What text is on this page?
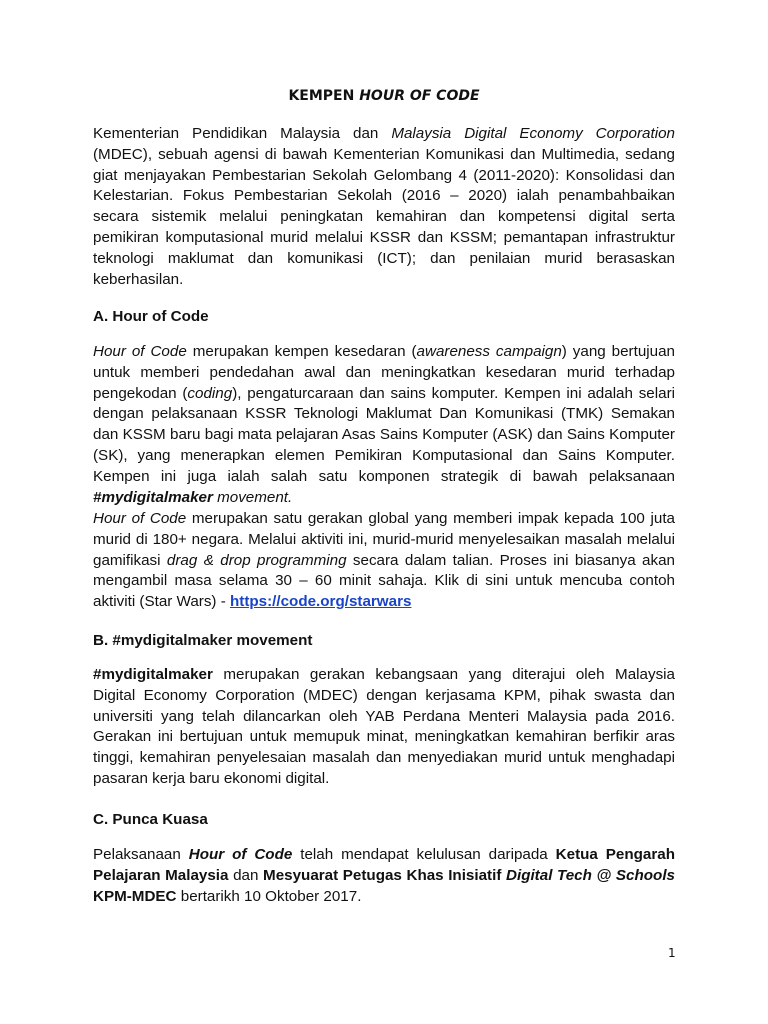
KEMPEN HOUR OF CODE
Kementerian Pendidikan Malaysia dan Malaysia Digital Economy Corporation (MDEC), sebuah agensi di bawah Kementerian Komunikasi dan Multimedia, sedang giat menjayakan Pembestarian Sekolah Gelombang 4 (2011-2020): Konsolidasi dan Kelestarian. Fokus Pembestarian Sekolah (2016 – 2020) ialah penambahbaikan secara sistemik melalui peningkatan kemahiran dan kompetensi digital serta pemikiran komputasional murid melalui KSSR dan KSSM; pemantapan infrastruktur teknologi maklumat dan komunikasi (ICT); dan penilaian murid berasaskan keberhasilan.
A. Hour of Code
Hour of Code merupakan kempen kesedaran (awareness campaign) yang bertujuan untuk memberi pendedahan awal dan meningkatkan kesedaran murid terhadap pengekodan (coding), pengaturcaraan dan sains komputer. Kempen ini adalah selari dengan pelaksanaan KSSR Teknologi Maklumat Dan Komunikasi (TMK) Semakan dan KSSM baru bagi mata pelajaran Asas Sains Komputer (ASK) dan Sains Komputer (SK), yang menerapkan elemen Pemikiran Komputasional dan Sains Komputer. Kempen ini juga ialah salah satu komponen strategik di bawah pelaksanaan #mydigitalmaker movement.
Hour of Code merupakan satu gerakan global yang memberi impak kepada 100 juta murid di 180+ negara. Melalui aktiviti ini, murid-murid menyelesaikan masalah melalui gamifikasi drag & drop programming secara dalam talian. Proses ini biasanya akan mengambil masa selama 30 – 60 minit sahaja. Klik di sini untuk mencuba contoh aktiviti (Star Wars) - https://code.org/starwars
B. #mydigitalmaker movement
#mydigitalmaker merupakan gerakan kebangsaan yang diterajui oleh Malaysia Digital Economy Corporation (MDEC) dengan kerjasama KPM, pihak swasta dan universiti yang telah dilancarkan oleh YAB Perdana Menteri Malaysia pada 2016. Gerakan ini bertujuan untuk memupuk minat, meningkatkan kemahiran berfikir aras tinggi, kemahiran penyelesaian masalah dan menyediakan murid untuk menghadapi pasaran kerja baru ekonomi digital.
C. Punca Kuasa
Pelaksanaan Hour of Code telah mendapat kelulusan daripada Ketua Pengarah Pelajaran Malaysia dan Mesyuarat Petugas Khas Inisiatif Digital Tech @ Schools KPM-MDEC bertarikh 10 Oktober 2017.
1
